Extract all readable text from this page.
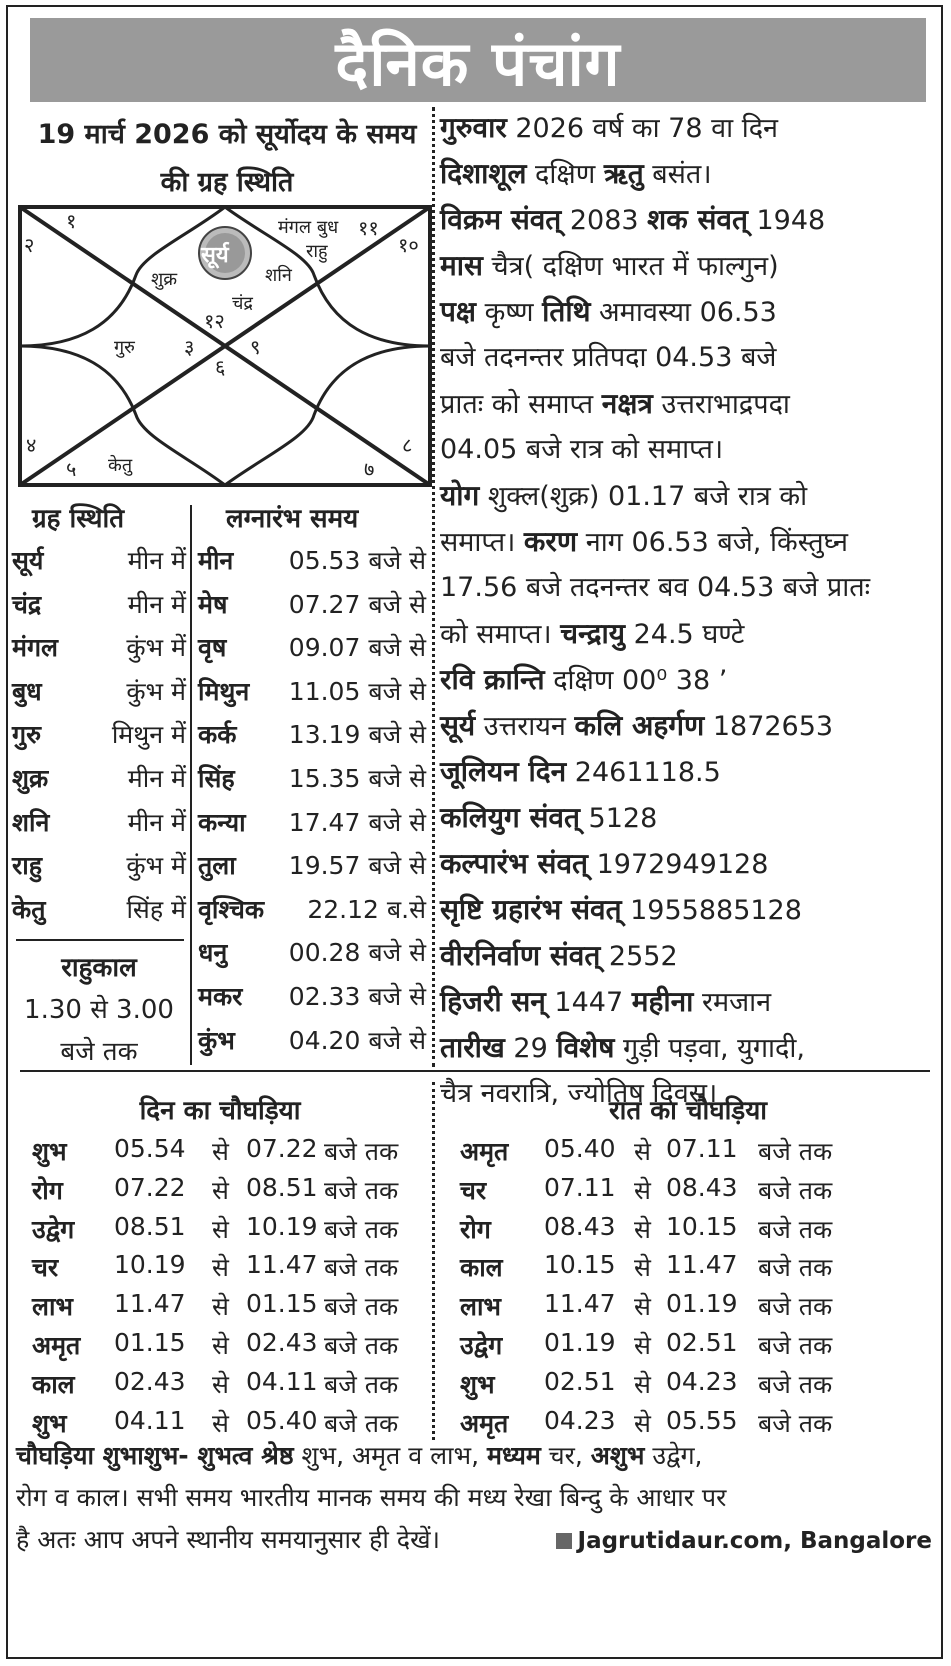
दैनिक पंचांग
19 मार्च 2026 को सूर्योदय के समय की ग्रह स्थिति
१
२
३
४
५
६
७
८
९
१०
११
१२
मंगल बुध
राहु
सूर्य
शुक्र	शनि
चंद्र
गुरु
केतु
ग्रह स्थिति	लग्नारंभ समय
सूर्य	मीन में
चंद्र	मीन में
मंगल	कुंभ में
बुध	कुंभ में
गुरु	मिथुन में
शुक्र	मीन में
शनि	मीन में
राहु	कुंभ में
केतु	सिंह में
मीन	05.53 बजे से
मेष	07.27 बजे से
वृष	09.07 बजे से
मिथुन	11.05 बजे से
कर्क	13.19 बजे से
सिंह	15.35 बजे से
कन्या	17.47 बजे से
तुला	19.57 बजे से
वृश्चिक	22.12 ब.से
धनु	00.28 बजे से
मकर	02.33 बजे से
कुंभ	04.20 बजे से
राहुकाल
1.30 से 3.00
बजे तक
गुरुवार 2026 वर्ष का 78 वा दिन
दिशाशूल दक्षिण ऋतु बसंत।
विक्रम संवत् 2083 शक संवत् 1948
मास चैत्र( दक्षिण भारत में फाल्गुन)
पक्ष कृष्ण तिथि अमावस्या 06.53
बजे तदनन्तर प्रतिपदा 04.53 बजे
प्रातः को समाप्त नक्षत्र उत्तराभाद्रपदा
04.05 बजे रात्र को समाप्त।
योग शुक्ल(शुक्र) 01.17 बजे रात्र को
समाप्त। करण नाग 06.53 बजे, किंस्तुघ्न
17.56 बजे तदनन्तर बव 04.53 बजे प्रातः
को समाप्त। चन्द्रायु 24.5 घण्टे
रवि क्रान्ति दक्षिण 00⁰ 38 ’
सूर्य उत्तरायन कलि अहर्गण 1872653
जूलियन दिन 2461118.5
कलियुग संवत् 5128
कल्पारंभ संवत् 1972949128
सृष्टि ग्रहारंभ संवत् 1955885128
वीरनिर्वाण संवत् 2552
हिजरी सन् 1447 महीना रमजान
तारीख 29 विशेष गुड़ी पड़वा, युगादी,
चैत्र नवरात्रि, ज्योतिष दिवस।
दिन का चौघड़िया	रात का चौघड़िया
शुभ 05.54 से 07.22 बजे तक
रोग 07.22 से 08.51 बजे तक
उद्वेग 08.51 से 10.19 बजे तक
चर 10.19 से 11.47 बजे तक
लाभ 11.47 से 01.15 बजे तक
अमृत 01.15 से 02.43 बजे तक
काल 02.43 से 04.11 बजे तक
शुभ 04.11 से 05.40 बजे तक
अमृत 05.40 से 07.11 बजे तक
चर 07.11 से 08.43 बजे तक
रोग 08.43 से 10.15 बजे तक
काल 10.15 से 11.47 बजे तक
लाभ 11.47 से 01.19 बजे तक
उद्वेग 01.19 से 02.51 बजे तक
शुभ 02.51 से 04.23 बजे तक
अमृत 04.23 से 05.55 बजे तक
चौघड़िया शुभाशुभ- शुभत्व श्रेष्ठ शुभ, अमृत व लाभ, मध्यम चर, अशुभ उद्वेग,
रोग व काल। सभी समय भारतीय मानक समय की मध्य रेखा बिन्दु के आधार पर
है अतः आप अपने स्थानीय समयानुसार ही देखें।	Jagrutidaur.com, Bangalore
